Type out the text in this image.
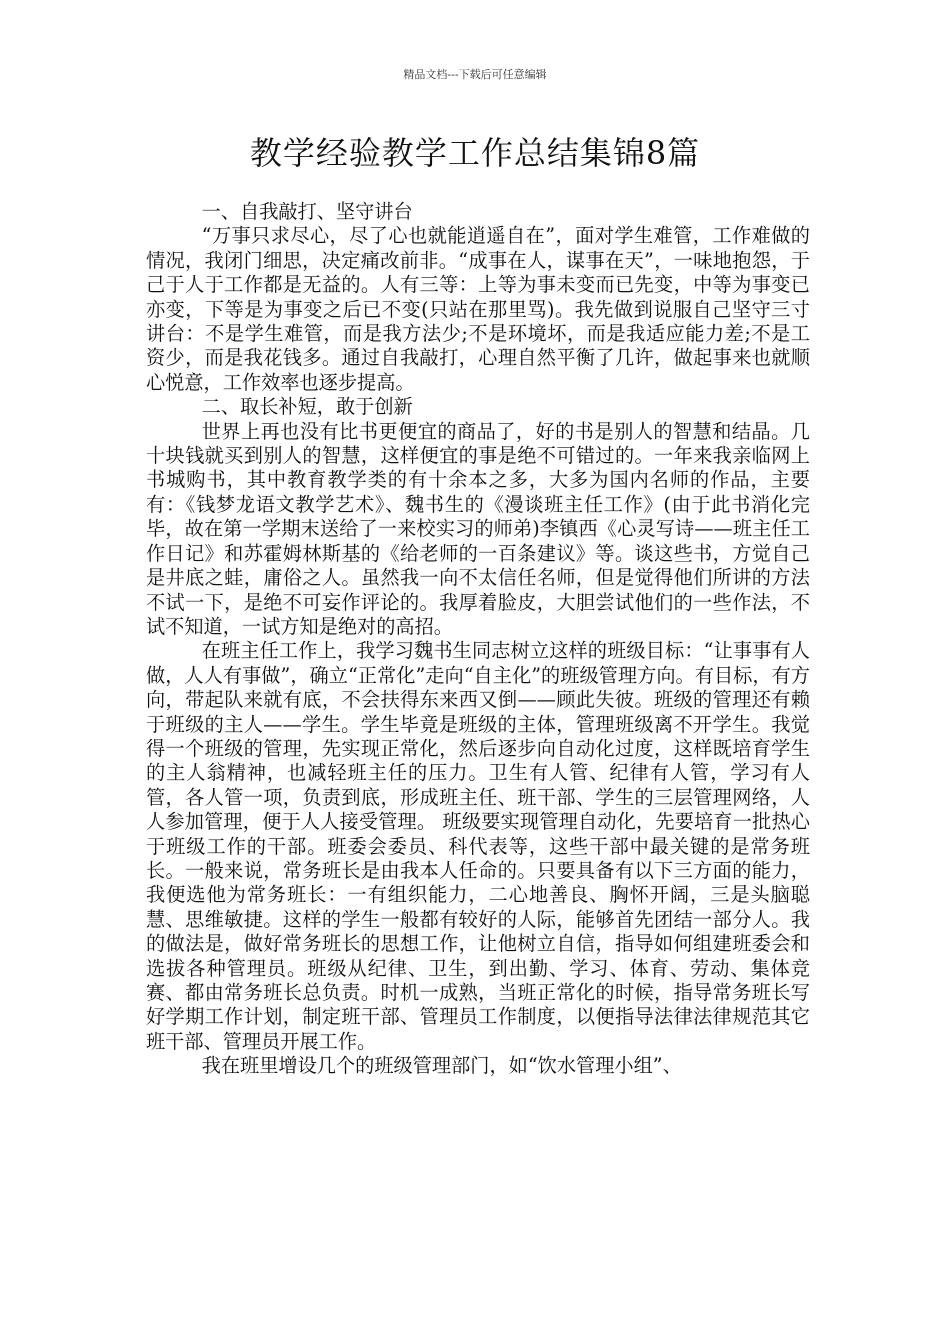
精品文档---下载后可任意编辑
教学经验教学工作总结集锦8篇

一、自我敲打、坚守讲台

“万事只求尽心，尽了心也就能逍遥自在”，面对学生难管，工作难做的情况，我闭门细思，决定痛改前非。“成事在人，谋事在天”，一味地抱怨，于己于人于工作都是无益的。人有三等：上等为事未变而已先变，中等为事变已亦变，下等是为事变之后已不变(只站在那里骂)。我先做到说服自己坚守三寸讲台：不是学生难管，而是我方法少;不是环境坏，而是我适应能力差;不是工资少，而是我花钱多。通过自我敲打，心理自然平衡了几许，做起事来也就顺心悦意，工作效率也逐步提高。

二、取长补短，敢于创新

世界上再也没有比书更便宜的商品了，好的书是别人的智慧和结晶。几十块钱就买到别人的智慧，这样便宜的事是绝不可错过的。一年来我亲临网上书城购书，其中教育教学类的有十余本之多，大多为国内名师的作品，主要有：《钱梦龙语文教学艺术》、魏书生的《漫谈班主任工作》(由于此书消化完毕，故在第一学期末送给了一来校实习的师弟)李镇西《心灵写诗——班主任工作日记》和苏霍姆林斯基的《给老师的一百条建议》等。谈这些书，方觉自己是井底之蛙，庸俗之人。虽然我一向不太信任名师，但是觉得他们所讲的方法不试一下，是绝不可妄作评论的。我厚着脸皮，大胆尝试他们的一些作法，不试不知道，一试方知是绝对的高招。

在班主任工作上，我学习魏书生同志树立这样的班级目标：“让事事有人做，人人有事做”，确立“正常化”走向“自主化”的班级管理方向。有目标，有方向，带起队来就有底，不会扶得东来西又倒——顾此失彼。班级的管理还有赖于班级的主人——学生。学生毕竟是班级的主体，管理班级离不开学生。我觉得一个班级的管理，先实现正常化，然后逐步向自动化过度，这样既培育学生的主人翁精神，也减轻班主任的压力。卫生有人管、纪律有人管，学习有人管，各人管一项，负责到底，形成班主任、班干部、学生的三层管理网络，人人参加管理，便于人人接受管理。 班级要实现管理自动化，先要培育一批热心于班级工作的干部。班委会委员、科代表等，这些干部中最关键的是常务班长。一般来说，常务班长是由我本人任命的。只要具备有以下三方面的能力，我便选他为常务班长：一有组织能力，二心地善良、胸怀开阔，三是头脑聪慧、思维敏捷。这样的学生一般都有较好的人际，能够首先团结一部分人。我的做法是，做好常务班长的思想工作，让他树立自信，指导如何组建班委会和选拔各种管理员。班级从纪律、卫生，到出勤、学习、体育、劳动、集体竞赛、都由常务班长总负责。时机一成熟，当班正常化的时候，指导常务班长写好学期工作计划，制定班干部、管理员工作制度，以便指导法律法律规范其它班干部、管理员开展工作。

我在班里增设几个的班级管理部门，如“饮水管理小组”、
